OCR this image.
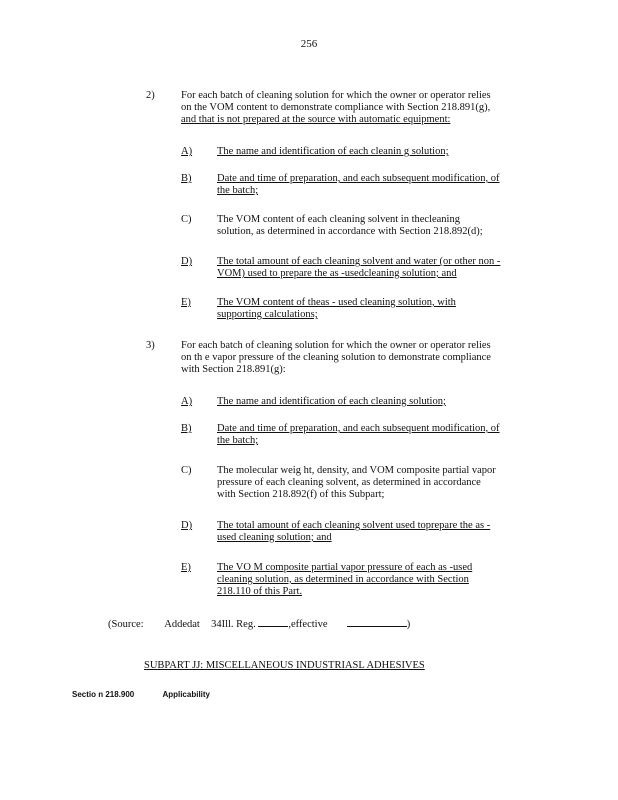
256
2)	For each batch of cleaning solution for which the owner or operator relies
on the VOM content to demonstrate compliance with Section 218.891(g),
and that is not prepared at the source with automatic equipment:
A) The name and identification of each cleanin g solution;
B) Date and time of preparation, and each subsequent modification, of
the batch;
C) The VOM content of each cleaning solvent in thecleaning
solution, as determined in accordance with Section 218.892(d);
D) The total amount of each cleaning solvent and water (or other non -
VOM) used to prepare the as -usedcleaning solution; and
E) The VOM content of theas - used cleaning solution, with
supporting calculations;
3)	For each batch of cleaning solution for which the owner or operator relies
on th e vapor pressure of the cleaning solution to demonstrate compliance
with Section 218.891(g):
A) The name and identification of each cleaning solution;
B) Date and time of preparation, and each subsequent modification, of
the batch;
C) The molecular weig ht, density, and VOM composite partial vapor
pressure of each cleaning solvent, as determined in accordance
with Section 218.892(f) of this Subpart;
D) The total amount of each cleaning solvent used toprepare the as -
used cleaning solution; and
E) The VO M composite partial vapor pressure of each as -used
cleaning solution, as determined in accordance with Section
218.110 of this Part.
(Source: Addedat 34Ill. Reg.	,effective	)
SUBPART JJ: MISCELLANEOUS INDUSTRIASL ADHESIVES
Sectio n 218.900	Applicability
